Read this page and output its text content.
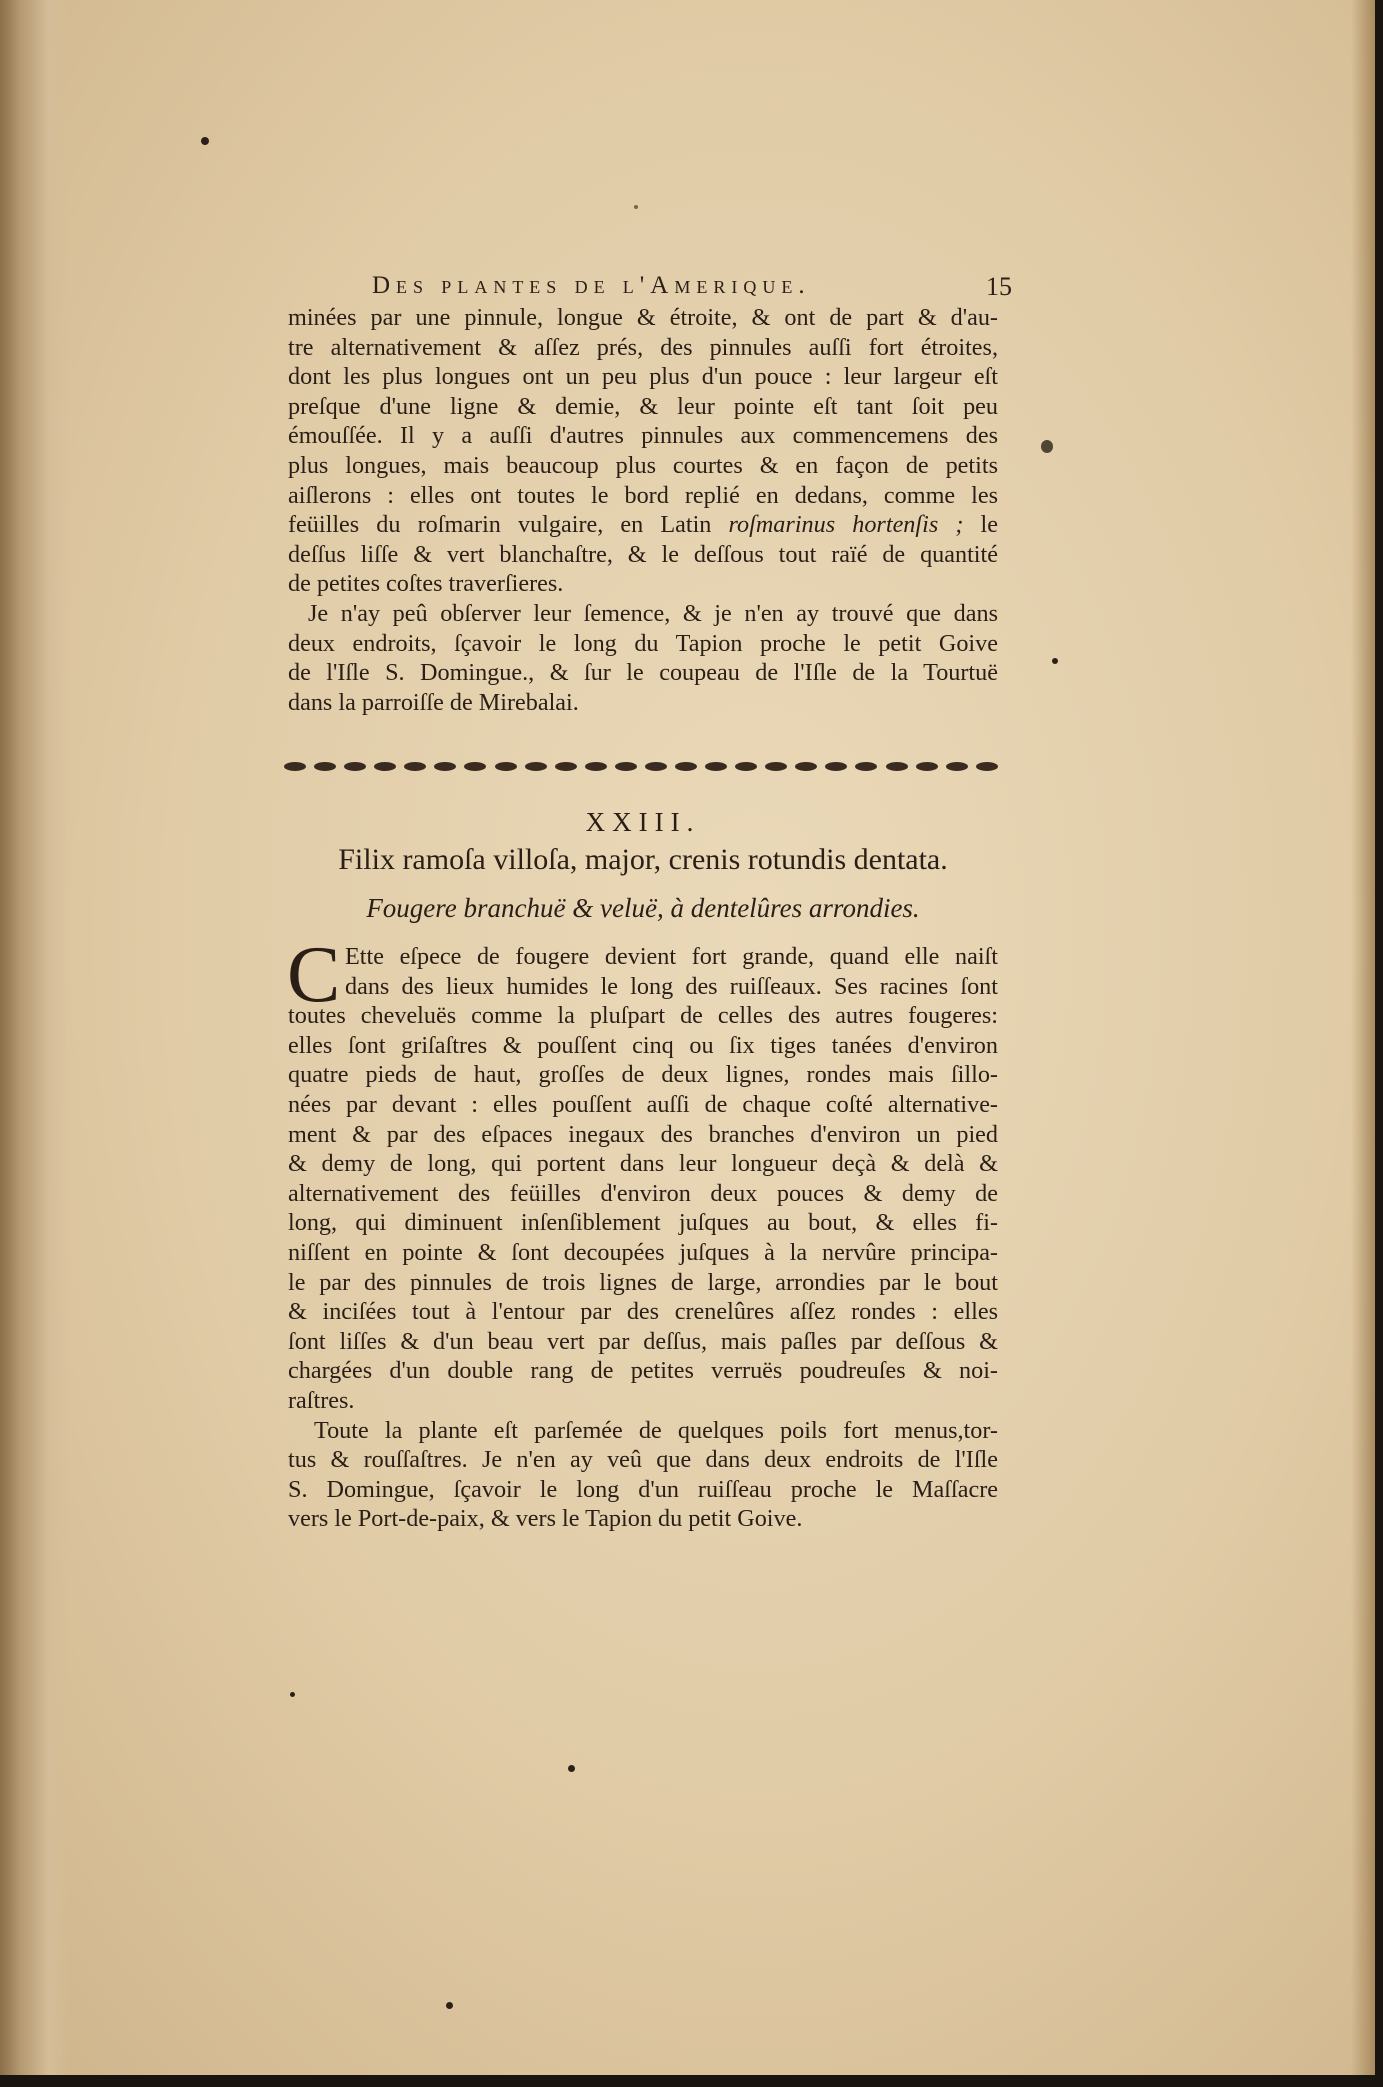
Des plantes de l'Amerique.	15

minées par une pinnule, longue & étroite, & ont de part & d'au-
tre alternativement & aſſez prés, des pinnules auſſi fort étroites,
dont les plus longues ont un peu plus d'un pouce : leur largeur eſt
preſque d'une ligne & demie, & leur pointe eſt tant ſoit peu
émouſſée. Il y a auſſi d'autres pinnules aux commencemens des
plus longues, mais beaucoup plus courtes & en façon de petits
aiſlerons : elles ont toutes le bord replié en dedans, comme les
feüilles du roſmarin vulgaire, en Latin roſmarinus hortenſis ; le
deſſus liſſe & vert blanchaſtre, & le deſſous tout raïé de quantité
de petites coſtes traverſieres.

Je n'ay peû obſerver leur ſemence, & je n'en ay trouvé que dans
deux endroits, ſçavoir le long du Tapion proche le petit Goive
de l'Iſle S. Domingue., & ſur le coupeau de l'Iſle de la Tourtuë
dans la parroiſſe de Mirebalai.

XXIII.
Filix ramoſa villoſa, major, crenis rotundis dentata.
Fougere branchuë & veluë, à dentelûres arrondies.
C Ette eſpece de fougere devient fort grande, quand elle naiſt
dans des lieux humides le long des ruiſſeaux. Ses racines ſont
toutes cheveluës comme la pluſpart de celles des autres fougeres:
elles ſont griſaſtres & pouſſent cinq ou ſix tiges tanées d'environ
quatre pieds de haut, groſſes de deux lignes, rondes mais ſillo-
nées par devant : elles pouſſent auſſi de chaque coſté alternative-
ment & par des eſpaces inegaux des branches d'environ un pied
& demy de long, qui portent dans leur longueur deçà & delà &
alternativement des feüilles d'environ deux pouces & demy de
long, qui diminuent inſenſiblement juſques au bout, & elles fi-
niſſent en pointe & ſont decoupées juſques à la nervûre principa-
le par des pinnules de trois lignes de large, arrondies par le bout
& inciſées tout à l'entour par des crenelûres aſſez rondes : elles
ſont liſſes & d'un beau vert par deſſus, mais paſles par deſſous &
chargées d'un double rang de petites verruës poudreuſes & noi-
raſtres.

Toute la plante eſt parſemée de quelques poils fort menus,tor-
tus & rouſſaſtres. Je n'en ay veû que dans deux endroits de l'Iſle
S. Domingue, ſçavoir le long d'un ruiſſeau proche le Maſſacre
vers le Port-de-paix, & vers le Tapion du petit Goive.
